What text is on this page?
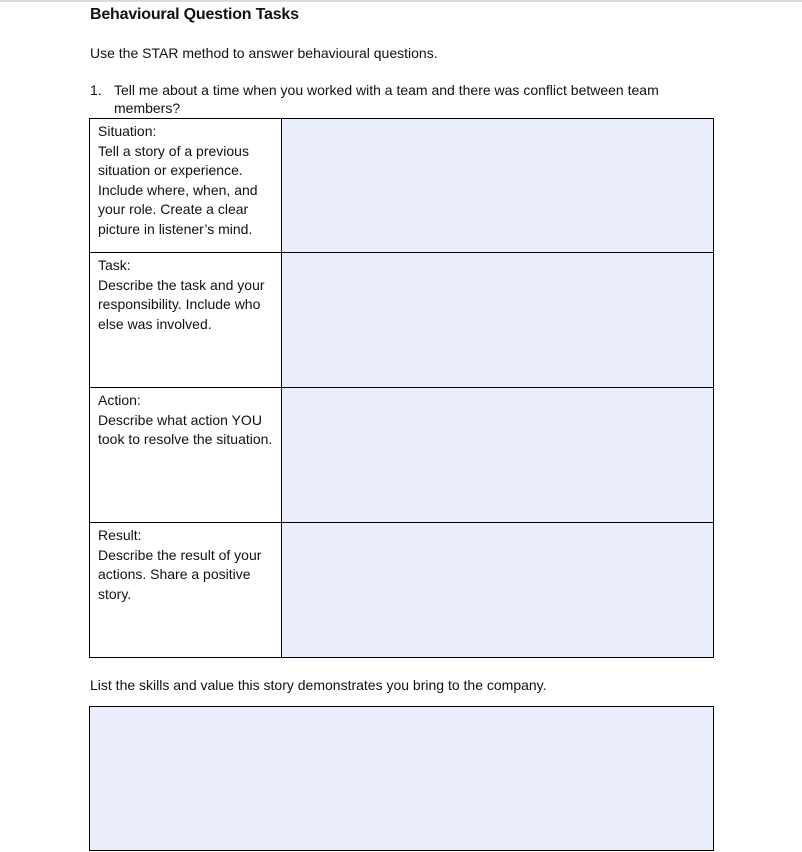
Behavioural Question Tasks
Use the STAR method to answer behavioural questions.
1. Tell me about a time when you worked with a team and there was conflict between team members?
Situation:
Tell a story of a previous situation or experience. Include where, when, and your role. Create a clear picture in listener’s mind.	

Task:
Describe the task and your responsibility. Include who else was involved.	

Action:
Describe what action YOU took to resolve the situation.	

Result:
Describe the result of your actions. Share a positive story.	

List the skills and value this story demonstrates you bring to the company.
